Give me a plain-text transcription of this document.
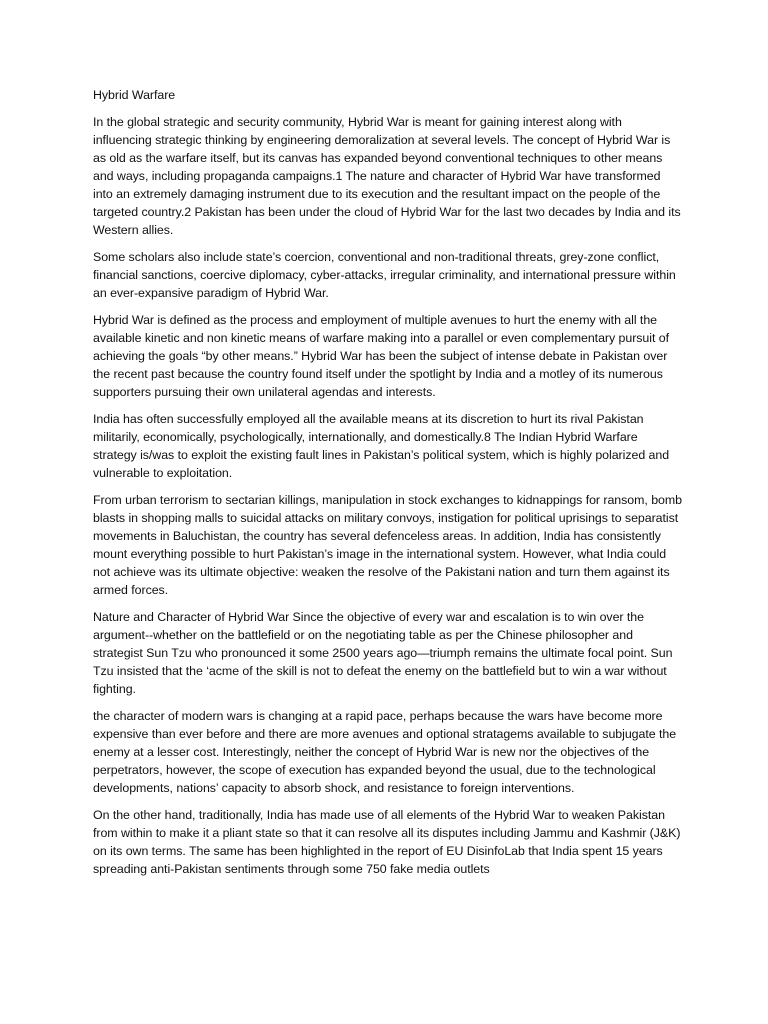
Hybrid Warfare

In the global strategic and security community, Hybrid War is meant for gaining interest along with influencing strategic thinking by engineering demoralization at several levels. The concept of Hybrid War is as old as the warfare itself, but its canvas has expanded beyond conventional techniques to other means and ways, including propaganda campaigns.1 The nature and character of Hybrid War have transformed into an extremely damaging instrument due to its execution and the resultant impact on the people of the targeted country.2 Pakistan has been under the cloud of Hybrid War for the last two decades by India and its Western allies.

Some scholars also include state’s coercion, conventional and non-traditional threats, grey-zone conflict, financial sanctions, coercive diplomacy, cyber-attacks, irregular criminality, and international pressure within an ever-expansive paradigm of Hybrid War.

Hybrid War is defined as the process and employment of multiple avenues to hurt the enemy with all the available kinetic and non kinetic means of warfare making into a parallel or even complementary pursuit of achieving the goals “by other means.” Hybrid War has been the subject of intense debate in Pakistan over the recent past because the country found itself under the spotlight by India and a motley of its numerous supporters pursuing their own unilateral agendas and interests.

India has often successfully employed all the available means at its discretion to hurt its rival Pakistan militarily, economically, psychologically, internationally, and domestically.8 The Indian Hybrid Warfare strategy is/was to exploit the existing fault lines in Pakistan’s political system, which is highly polarized and vulnerable to exploitation.

From urban terrorism to sectarian killings, manipulation in stock exchanges to kidnappings for ransom, bomb blasts in shopping malls to suicidal attacks on military convoys, instigation for political uprisings to separatist movements in Baluchistan, the country has several defenceless areas. In addition, India has consistently mount everything possible to hurt Pakistan’s image in the international system. However, what India could not achieve was its ultimate objective: weaken the resolve of the Pakistani nation and turn them against its armed forces.

Nature and Character of Hybrid War Since the objective of every war and escalation is to win over the argument--whether on the battlefield or on the negotiating table as per the Chinese philosopher and strategist Sun Tzu who pronounced it some 2500 years ago—triumph remains the ultimate focal point. Sun Tzu insisted that the ‘acme of the skill is not to defeat the enemy on the battlefield but to win a war without fighting.

the character of modern wars is changing at a rapid pace, perhaps because the wars have become more expensive than ever before and there are more avenues and optional stratagems available to subjugate the enemy at a lesser cost. Interestingly, neither the concept of Hybrid War is new nor the objectives of the perpetrators, however, the scope of execution has expanded beyond the usual, due to the technological developments, nations’ capacity to absorb shock, and resistance to foreign interventions.

On the other hand, traditionally, India has made use of all elements of the Hybrid War to weaken Pakistan from within to make it a pliant state so that it can resolve all its disputes including Jammu and Kashmir (J&K) on its own terms. The same has been highlighted in the report of EU DisinfoLab that India spent 15 years spreading anti-Pakistan sentiments through some 750 fake media outlets
